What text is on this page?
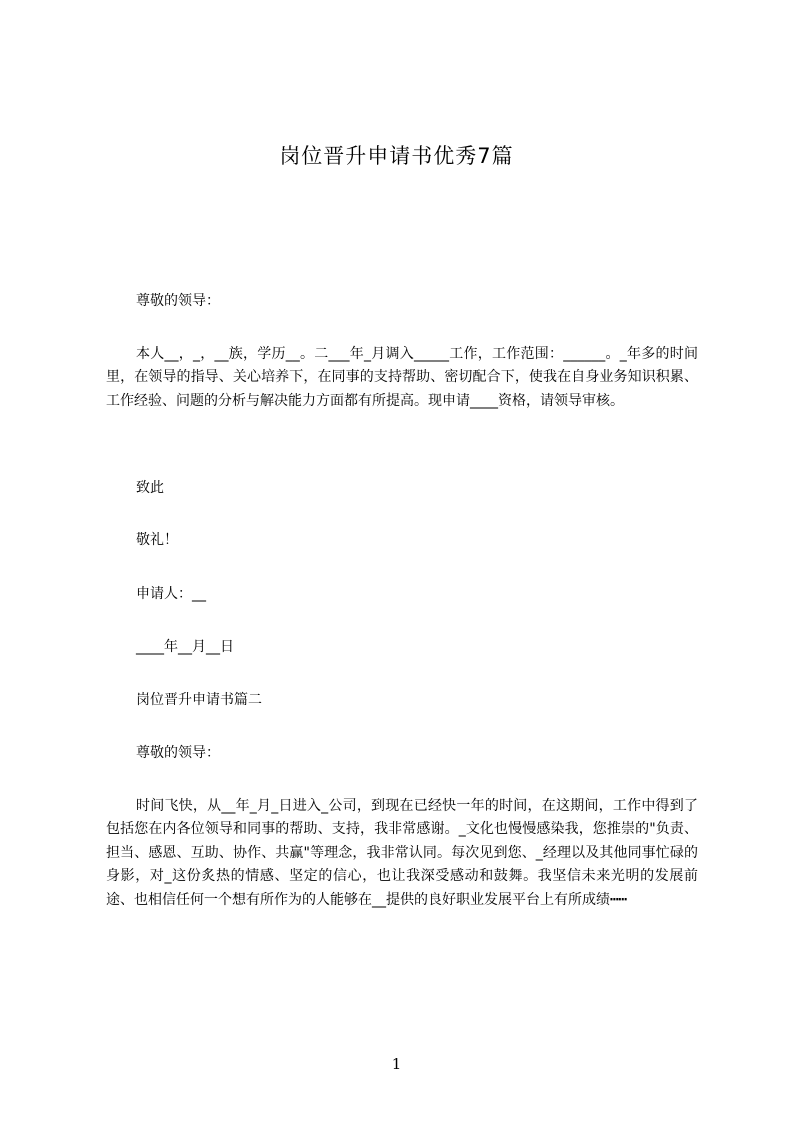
岗位晋升申请书优秀7篇
尊敬的领导：
本人__，_，__族，学历__。二___年_月调入_____工作，工作范围：______。_年多的时间里，在领导的指导、关心培养下，在同事的支持帮助、密切配合下，使我在自身业务知识积累、工作经验、问题的分析与解决能力方面都有所提高。现申请____资格，请领导审核。
致此
敬礼！
申请人：__
____年__月__日
岗位晋升申请书篇二
尊敬的领导：
时间飞快，从__年_月_日进入_公司，到现在已经快一年的时间，在这期间，工作中得到了包括您在内各位领导和同事的帮助、支持，我非常感谢。_文化也慢慢感染我，您推崇的"负责、担当、感恩、互助、协作、共赢"等理念，我非常认同。每次见到您、_经理以及其他同事忙碌的身影，对_这份炙热的情感、坚定的信心，也让我深受感动和鼓舞。我坚信未来光明的发展前途、也相信任何一个想有所作为的人能够在__提供的良好职业发展平台上有所成绩┅┅
1
